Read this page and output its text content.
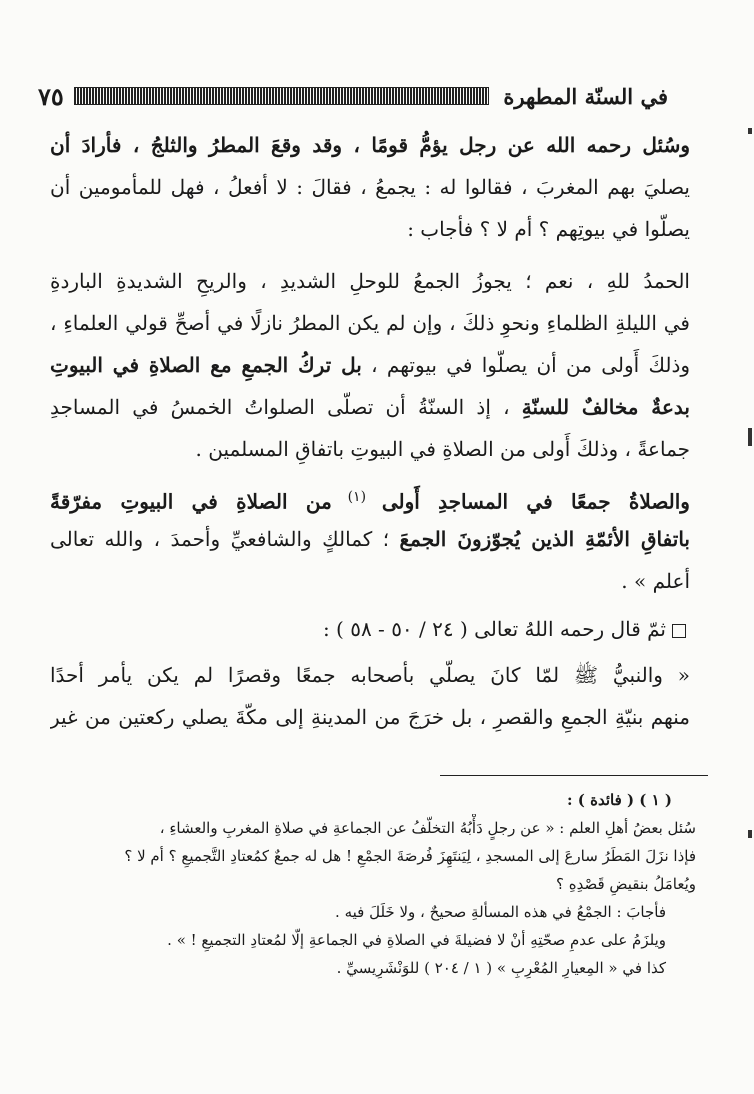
في السنّة المطهرة
٧٥
وسُئل رحمه الله عن رجل يؤمُّ قومًا ، وقد وقعَ المطرُ والثلجُ ، فأرادَ أن
يصليَ بهم المغربَ ، فقالوا له : يجمعُ ، فقالَ : لا أفعلُ ، فهل للمأمومين أن
يصلّوا في بيوتِهم ؟ أم لا ؟ فأجاب :
الحمدُ للهِ ، نعم ؛ يجوزُ الجمعُ للوحلِ الشديدِ ، والريحِ الشديدةِ الباردةِ
في الليلةِ الظلماءِ ونحوِ ذلكَ ، وإن لم يكن المطرُ نازلًا في أصحِّ قولي العلماءِ ،
وذلكَ أَولى من أن يصلّوا في بيوتهم ، بل تركُ الجمعِ مع الصلاةِ في البيوتِ
بدعةٌ مخالفٌ للسنّةِ ، إذ السنّةُ أن تصلّى الصلواتُ الخمسُ في المساجدِ
جماعةً ، وذلكَ أَولى من الصلاةِ في البيوتِ باتفاقِ المسلمين .
والصلاةُ جمعًا في المساجدِ أَولى $^{(١)}$ من الصلاةِ في البيوتِ مفرّقةً
باتفاقِ الأئمّةِ الذين يُجوّزونَ الجمعَ ؛ كمالكٍ والشافعيِّ وأحمدَ ، والله تعالى
أعلم » .
ثمّ قال رحمه اللهُ تعالى ( ٢٤ / ٥٠ - ٥٨ ) :
« والنبيُّ ﷺ لمّا كانَ يصلّي بأصحابه جمعًا وقصرًا لم يكن يأمر أحدًا
منهم بنيّةِ الجمعِ والقصرِ ، بل خرَجَ من المدينةِ إلى مكّةَ يصلي ركعتين من غير
( ١ ) ( فائدة ) :
سُئل بعضُ أهلِ العلم : « عن رجلٍ دَأْبُهُ التخلّفُ عن الجماعةِ في صلاةِ المغربِ والعشاءِ ،
فإذا نزَلَ المَطَرُ سارعَ إلى المسجدِ ، لِيَنتَهِزَ فُرصَةَ الجمْعِ ! هل له جمعٌ كمُعتادِ التَّجميعِ ؟ أم لا ؟
ويُعامَلُ بنقيضِ قَصْدِهِ ؟
فأجابَ : الجمْعُ في هذه المسألةِ صحيحٌ ، ولا خَلَلَ فيه .
ويلزَمُ على عدمِ صحّتِهِ أنْ لا فضيلةَ في الصلاةِ في الجماعةِ إلّا لمُعتادِ التجميعِ ! » .
كذا في « المِعيارِ المُعْرِبِ » ( ١ / ٢٠٤ ) للوَنْشَرِيسيِّ .
